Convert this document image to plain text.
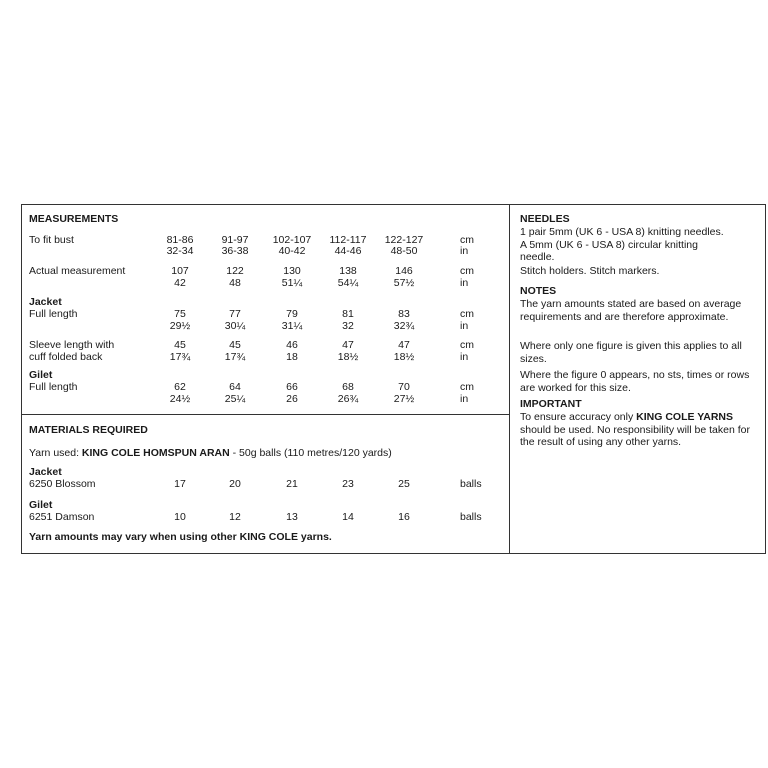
MEASUREMENTS
To fit bust	81-86	91-97	102-107	112-117	122-127	cm
32-34	36-38	40-42	44-46	48-50	in
Actual measurement	107	122	130	138	146	cm
42	48	51¼	54¼	57½	in
Jacket
Full length	75	77	79	81	83	cm
29½	30¼	31¼	32	32¾	in
Sleeve length with
cuff folded back
45	45	46	47	47	cm
17¾	17¾	18	18½	18½	in
Gilet
Full length	62	64	66	68	70	cm
24½	25¼	26	26¾	27½	in
MATERIALS REQUIRED
Yarn used: KING COLE HOMSPUN ARAN - 50g balls (110 metres/120 yards)
Jacket
6250 Blossom	17	20	21	23	25	balls
Gilet
6251 Damson	10	12	13	14	16	balls
Yarn amounts may vary when using other KING COLE yarns.
NEEDLES
1 pair 5mm (UK 6 - USA 8) knitting needles.
A 5mm (UK 6 - USA 8) circular knitting
needle.
Stitch holders. Stitch markers.
NOTES
The yarn amounts stated are based on average requirements and are therefore approximate.
Where only one figure is given this applies to all sizes.
Where the figure 0 appears, no sts, times or rows are worked for this size.
IMPORTANT
To ensure accuracy only KING COLE YARNS should be used. No responsibility will be taken for the result of using any other yarns.
